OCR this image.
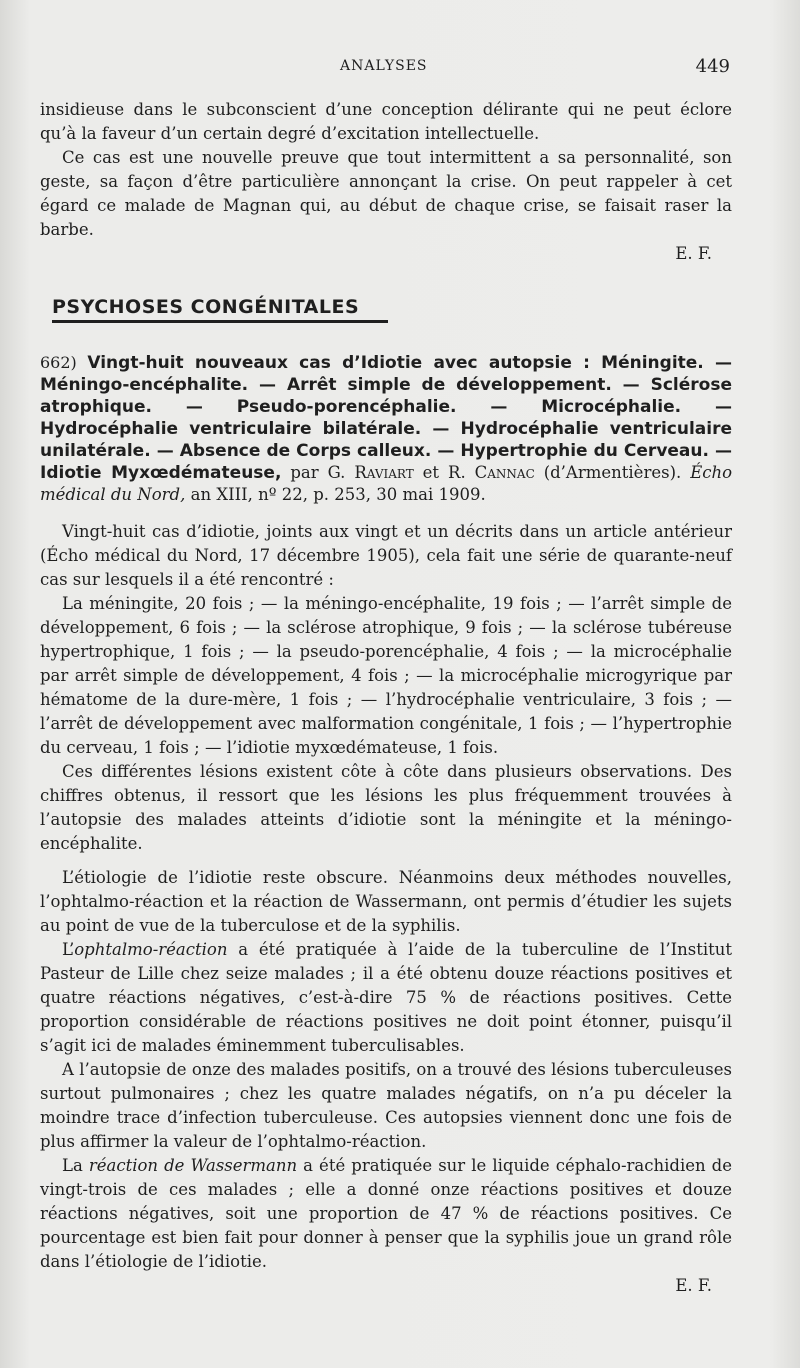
ANALYSES	449

insidieuse dans le subconscient d’une conception délirante qui ne peut éclore qu’à la faveur d’un certain degré d’excitation intellectuelle.

Ce cas est une nouvelle preuve que tout intermittent a sa personnalité, son geste, sa façon d’être particulière annonçant la crise. On peut rappeler à cet égard ce malade de Magnan qui, au début de chaque crise, se faisait raser la barbe.

E. F.

PSYCHOSES CONGÉNITALES
662) Vingt-huit nouveaux cas d’Idiotie avec autopsie : Méningite. — Méningo-encéphalite. — Arrêt simple de développement. — Sclérose atrophique. — Pseudo-porencéphalie. — Microcéphalie. — Hydrocéphalie ventriculaire bilatérale. — Hydrocéphalie ventriculaire unilatérale. — Absence de Corps calleux. — Hypertrophie du Cerveau. — Idiotie Myxœdémateuse, par G. Raviart et R. Cannac (d’Armentières). Écho médical du Nord, an XIII, nº 22, p. 253, 30 mai 1909.

Vingt-huit cas d’idiotie, joints aux vingt et un décrits dans un article antérieur (Écho médical du Nord, 17 décembre 1905), cela fait une série de quarante-neuf cas sur lesquels il a été rencontré :

La méningite, 20 fois ; — la méningo-encéphalite, 19 fois ; — l’arrêt simple de développement, 6 fois ; — la sclérose atrophique, 9 fois ; — la sclérose tubéreuse hypertrophique, 1 fois ; — la pseudo-porencéphalie, 4 fois ; — la microcéphalie par arrêt simple de développement, 4 fois ; — la microcéphalie microgyrique par hématome de la dure-mère, 1 fois ; — l’hydrocéphalie ventriculaire, 3 fois ; — l’arrêt de développement avec malformation congénitale, 1 fois ; — l’hypertrophie du cerveau, 1 fois ; — l’idiotie myxœdémateuse, 1 fois.

Ces différentes lésions existent côte à côte dans plusieurs observations. Des chiffres obtenus, il ressort que les lésions les plus fréquemment trouvées à l’autopsie des malades atteints d’idiotie sont la méningite et la méningo-encéphalite.

L’étiologie de l’idiotie reste obscure. Néanmoins deux méthodes nouvelles, l’ophtalmo-réaction et la réaction de Wassermann, ont permis d’étudier les sujets au point de vue de la tuberculose et de la syphilis.

L’ophtalmo-réaction a été pratiquée à l’aide de la tuberculine de l’Institut Pasteur de Lille chez seize malades ; il a été obtenu douze réactions positives et quatre réactions négatives, c’est-à-dire 75 % de réactions positives. Cette proportion considérable de réactions positives ne doit point étonner, puisqu’il s’agit ici de malades éminemment tuberculisables.

A l’autopsie de onze des malades positifs, on a trouvé des lésions tuberculeuses surtout pulmonaires ; chez les quatre malades négatifs, on n’a pu déceler la moindre trace d’infection tuberculeuse. Ces autopsies viennent donc une fois de plus affirmer la valeur de l’ophtalmo-réaction.

La réaction de Wassermann a été pratiquée sur le liquide céphalo-rachidien de vingt-trois de ces malades ; elle a donné onze réactions positives et douze réactions négatives, soit une proportion de 47 % de réactions positives. Ce pourcentage est bien fait pour donner à penser que la syphilis joue un grand rôle dans l’étiologie de l’idiotie.

E. F.
